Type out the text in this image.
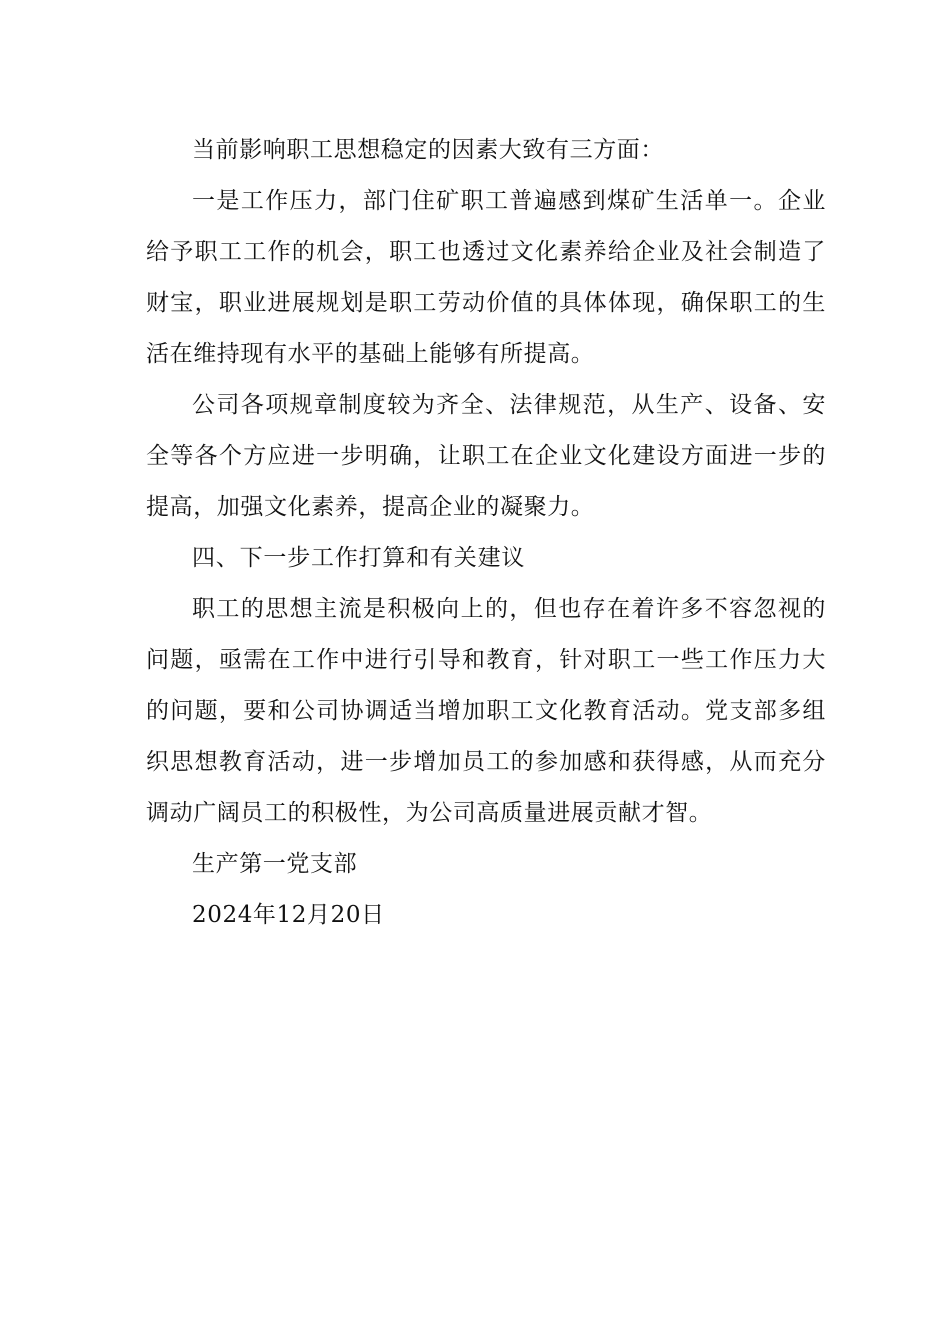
当前影响职工思想稳定的因素大致有三方面：

一是工作压力，部门住矿职工普遍感到煤矿生活单一。企业给予职工工作的机会，职工也透过文化素养给企业及社会制造了财宝，职业进展规划是职工劳动价值的具体体现，确保职工的生活在维持现有水平的基础上能够有所提高。

公司各项规章制度较为齐全、法律规范，从生产、设备、安全等各个方应进一步明确，让职工在企业文化建设方面进一步的提高，加强文化素养，提高企业的凝聚力。

四、下一步工作打算和有关建议

职工的思想主流是积极向上的，但也存在着许多不容忽视的问题，亟需在工作中进行引导和教育，针对职工一些工作压力大的问题，要和公司协调适当增加职工文化教育活动。党支部多组织思想教育活动，进一步增加员工的参加感和获得感，从而充分调动广阔员工的积极性，为公司高质量进展贡献才智。

生产第一党支部

2024年12月20日
